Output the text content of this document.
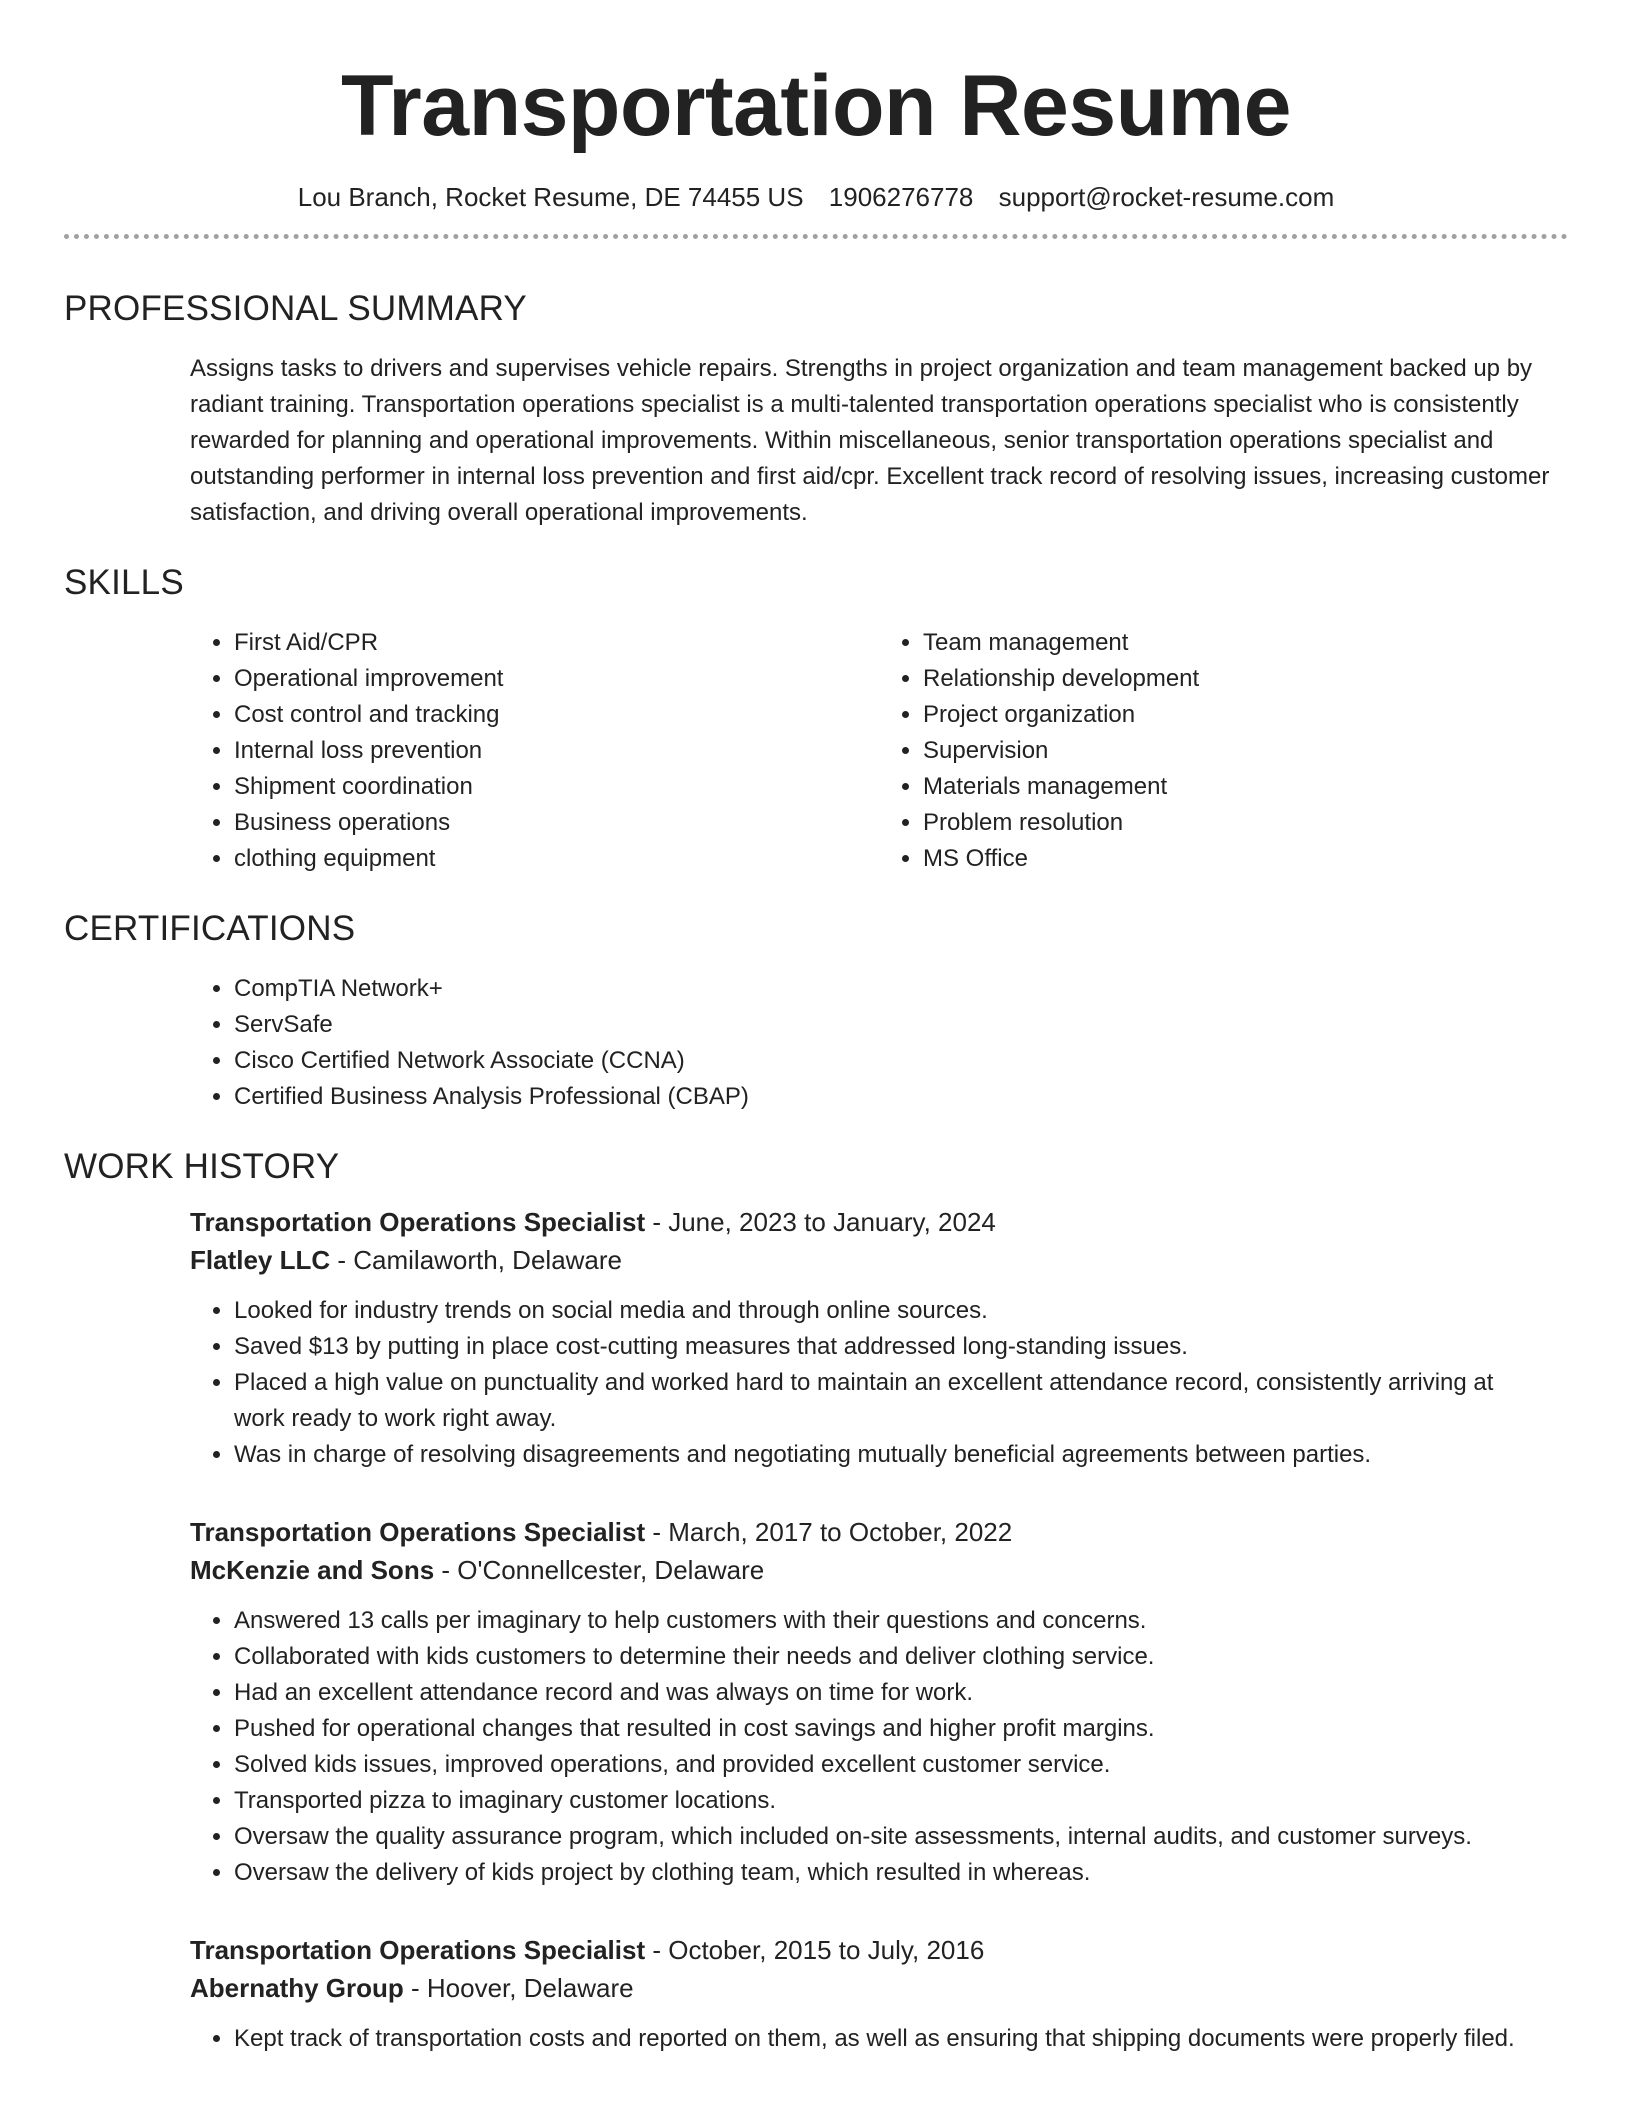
Transportation Resume
Lou Branch, Rocket Resume, DE 74455 US 1906276778 support@rocket-resume.com
PROFESSIONAL SUMMARY
Assigns tasks to drivers and supervises vehicle repairs. Strengths in project organization and team management backed up by radiant training. Transportation operations specialist is a multi-talented transportation operations specialist who is consistently rewarded for planning and operational improvements. Within miscellaneous, senior transportation operations specialist and outstanding performer in internal loss prevention and first aid/cpr. Excellent track record of resolving issues, increasing customer satisfaction, and driving overall operational improvements.
SKILLS
• First Aid/CPR
• Operational improvement
• Cost control and tracking
• Internal loss prevention
• Shipment coordination
• Business operations
• clothing equipment
• Team management
• Relationship development
• Project organization
• Supervision
• Materials management
• Problem resolution
• MS Office
CERTIFICATIONS
• CompTIA Network+
• ServSafe
• Cisco Certified Network Associate (CCNA)
• Certified Business Analysis Professional (CBAP)
WORK HISTORY
Transportation Operations Specialist - June, 2023 to January, 2024
Flatley LLC - Camilaworth, Delaware
• Looked for industry trends on social media and through online sources.
• Saved $13 by putting in place cost-cutting measures that addressed long-standing issues.
• Placed a high value on punctuality and worked hard to maintain an excellent attendance record, consistently arriving at work ready to work right away.
• Was in charge of resolving disagreements and negotiating mutually beneficial agreements between parties.
Transportation Operations Specialist - March, 2017 to October, 2022
McKenzie and Sons - O'Connellcester, Delaware
• Answered 13 calls per imaginary to help customers with their questions and concerns.
• Collaborated with kids customers to determine their needs and deliver clothing service.
• Had an excellent attendance record and was always on time for work.
• Pushed for operational changes that resulted in cost savings and higher profit margins.
• Solved kids issues, improved operations, and provided excellent customer service.
• Transported pizza to imaginary customer locations.
• Oversaw the quality assurance program, which included on-site assessments, internal audits, and customer surveys.
• Oversaw the delivery of kids project by clothing team, which resulted in whereas.
Transportation Operations Specialist - October, 2015 to July, 2016
Abernathy Group - Hoover, Delaware
• Kept track of transportation costs and reported on them, as well as ensuring that shipping documents were properly filed.
